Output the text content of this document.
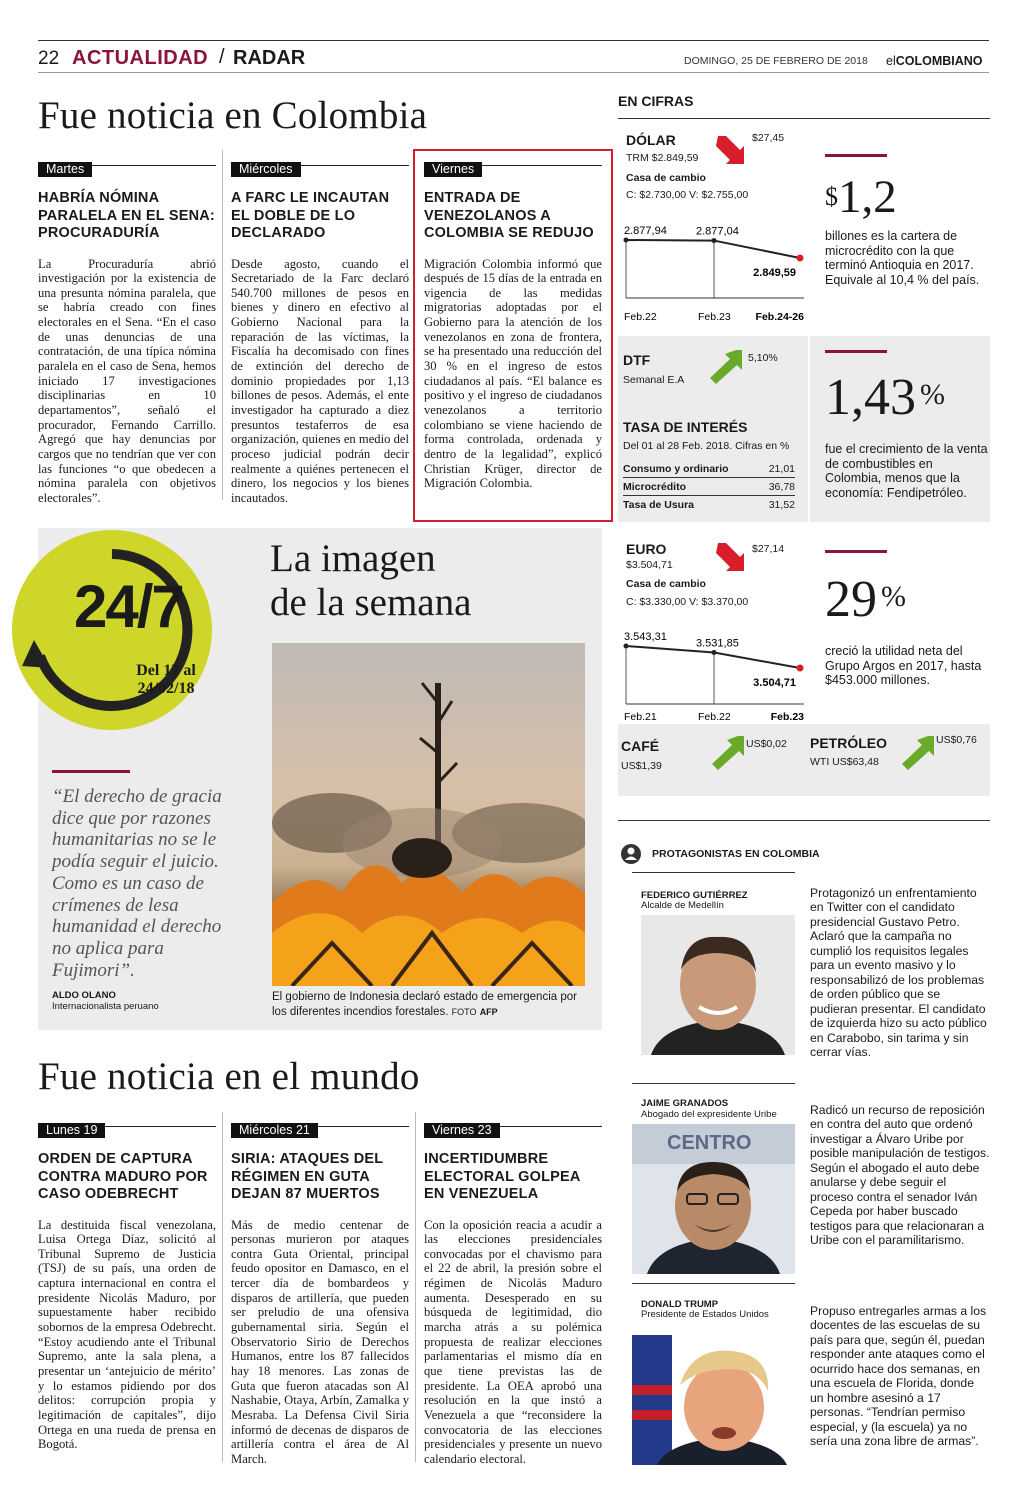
22 ACTUALIDAD / RADAR	DOMINGO, 25 DE FEBRERO DE 2018 elCOLOMBIANO
Fue noticia en Colombia
Martes
HABRÍA NÓMINA PARALELA EN EL SENA: PROCURADURÍA
La Procuraduría abrió investigación por la existencia de una presunta nómina paralela, que se habría creado con fines electorales en el Sena. “En el caso de unas denuncias de una contratación, de una típica nómina paralela en el caso de Sena, hemos iniciado 17 investigaciones disciplinarias en 10 departamentos”, señaló el procurador, Fernando Carrillo. Agregó que hay denuncias por cargos que no tendrían que ver con las funciones “o que obedecen a nómina paralela con objetivos electorales”.
Miércoles
A FARC LE INCAUTAN EL DOBLE DE LO DECLARADO
Desde agosto, cuando el Secretariado de la Farc declaró 540.700 millones de pesos en bienes y dinero en efectivo al Gobierno Nacional para la reparación de las víctimas, la Fiscalía ha decomisado con fines de extinción del derecho de dominio propiedades por 1,13 billones de pesos. Además, el ente investigador ha capturado a diez presuntos testaferros de esa organización, quienes en medio del proceso judicial podrán decir realmente a quiénes pertenecen el dinero, los negocios y los bienes incautados.
Viernes
ENTRADA DE VENEZOLANOS A COLOMBIA SE REDUJO
Migración Colombia informó que después de 15 días de la entrada en vigencia de las medidas migratorias adoptadas por el Gobierno para la atención de los venezolanos en zona de frontera, se ha presentado una reducción del 30 % en el ingreso de estos ciudadanos al país. “El balance es positivo y el ingreso de ciudadanos venezolanos a territorio colombiano se viene haciendo de forma controlada, ordenada y dentro de la legalidad”, explicó Christian Krüger, director de Migración Colombia.
EN CIFRAS
DÓLAR
TRM $2.849,59
$27,45
Casa de cambio
C: $2.730,00 V: $2.755,00
2.877,94	2.877,04
2.849,59
Feb.22	Feb.23 Feb.24-26
DTF
Semanal E.A
5,10%
TASA DE INTERÉS
Del 01 al 28 Feb. 2018. Cifras en %
Consumo y ordinario	21,01
Microcrédito	36,78
Tasa de Usura	31,52
$1,2
billones es la cartera de microcrédito con la que terminó Antioquia en 2017. Equivale al 10,4 % del país.
1,43 %
fue el crecimiento de la venta de combustibles en Colombia, menos que la economía: Fendipetróleo.
EURO
$3.504,71
$27,14
Casa de cambio
C: $3.330,00 V: $3.370,00
3.543,31
3.531,85
3.504,71
Feb.21	Feb.22	Feb.23
29 %
creció la utilidad neta del Grupo Argos en 2017, hasta $453.000 millones.
CAFÉ
US$1,39
US$0,02 PETRÓLEO
WTI US$63,48
US$0,76
24/7
Del 17 al 24/02/18
La imagen
de la semana
El gobierno de Indonesia declaró estado de emergencia por los diferentes incendios forestales. FOTO AFP
“El derecho de gracia dice que por razones humanitarias no se le podía seguir el juicio. Como es un caso de crímenes de lesa humanidad el derecho no aplica para Fujimori”.
ALDO OLANO
Internacionalista peruano
PROTAGONISTAS EN COLOMBIA
FEDERICO GUTIÉRREZ
Alcalde de Medellín
Protagonizó un enfrentamiento en Twitter con el candidato presidencial Gustavo Petro. Aclaró que la campaña no cumplió los requisitos legales para un evento masivo y lo responsabilizó de los problemas de orden público que se pudieran presentar. El candidato de izquierda hizo su acto público en Carabobo, sin tarima y sin cerrar vías.
JAIME GRANADOS
Abogado del expresidente Uribe
CENTRO
Radicó un recurso de reposición en contra del auto que ordenó investigar a Álvaro Uribe por posible manipulación de testigos. Según el abogado el auto debe anularse y debe seguir el proceso contra el senador Iván Cepeda por haber buscado testigos para que relacionaran a Uribe con el paramilitarismo.
DONALD TRUMP
Presidente de Estados Unidos	Propuso entregarles armas a los docentes de las escuelas de su país para que, según él, puedan responder ante ataques como el ocurrido hace dos semanas, en una escuela de Florida, donde un hombre asesinó a 17 personas. “Tendrían permiso especial, y (la escuela) ya no sería una zona libre de armas”.
Fue noticia en el mundo
Lunes 19
ORDEN DE CAPTURA CONTRA MADURO POR CASO ODEBRECHT
La destituida fiscal venezolana, Luisa Ortega Díaz, solicitó al Tribunal Supremo de Justicia (TSJ) de su país, una orden de captura internacional en contra el presidente Nicolás Maduro, por supuestamente haber recibido sobornos de la empresa Odebrecht. “Estoy acudiendo ante el Tribunal Supremo, ante la sala plena, a presentar un ‘antejuicio de mérito’ y lo estamos pidiendo por dos delitos: corrupción propia y legitimación de capitales”, dijo Ortega en una rueda de prensa en Bogotá.
Miércoles 21
SIRIA: ATAQUES DEL RÉGIMEN EN GUTA DEJAN 87 MUERTOS
Más de medio centenar de personas murieron por ataques contra Guta Oriental, principal feudo opositor en Damasco, en el tercer día de bombardeos y disparos de artillería, que pueden ser preludio de una ofensiva gubernamental siria. Según el Observatorio Sirio de Derechos Humanos, entre los 87 fallecidos hay 18 menores. Las zonas de Guta que fueron atacadas son Al Nashabie, Otaya, Arbín, Zamalka y Mesraba. La Defensa Civil Siria informó de decenas de disparos de artillería contra el área de Al March.
Viernes 23
INCERTIDUMBRE ELECTORAL GOLPEA EN VENEZUELA
Con la oposición reacia a acudir a las elecciones presidenciales convocadas por el chavismo para el 22 de abril, la presión sobre el régimen de Nicolás Maduro aumenta. Desesperado en su búsqueda de legitimidad, dio marcha atrás a su polémica propuesta de realizar elecciones parlamentarias el mismo día en que tiene previstas las de presidente. La OEA aprobó una resolución en la que instó a Venezuela a que “reconsidere la convocatoria de las elecciones presidenciales y presente un nuevo calendario electoral.
